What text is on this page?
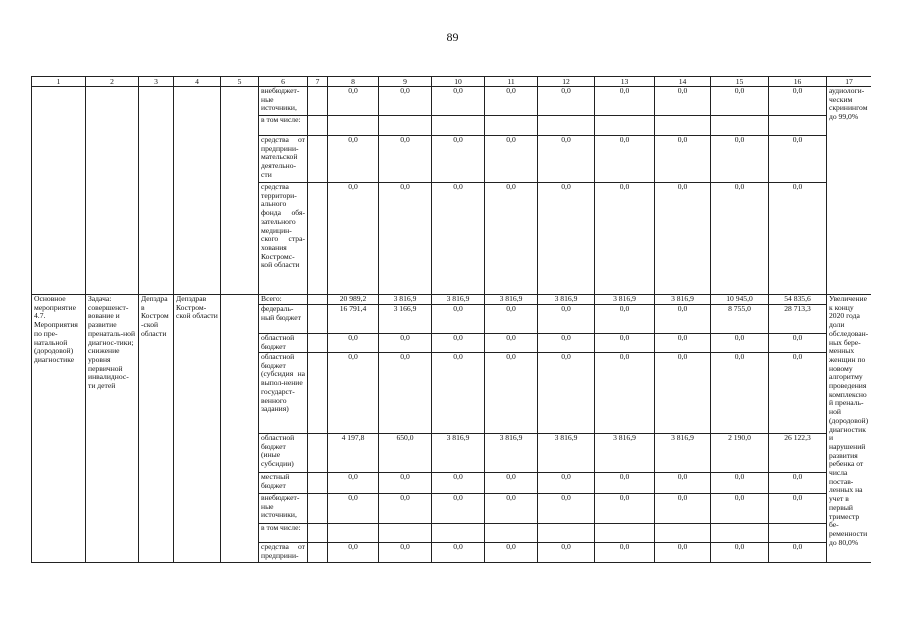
89
1	2	3	4	5	6	7	8	9	10	11	12	13	14	15	16	17
					внебюджет-ные источники,		0,0	0,0	0,0	0,0	0,0	0,0	0,0	0,0	0,0	аудиологи-ческим скринингом до 99,0%
					в том числе:											
					средства от предприни-мательской деятельно-сти		0,0	0,0	0,0	0,0	0,0	0,0	0,0	0,0	0,0	
					средства территори-ального фонда обя-зательного медицин-ского стра-хования Костромс-кой области		0,0	0,0	0,0	0,0	0,0	0,0	0,0	0,0	0,0	
Основное мероприятие 4.7. Мероприятия по пре-натальной (дородовой) диагностике	Задача: совершенст-вование и развитие пренаталь-ной диагнос-тики; снижение уровня первичной инвалиднос-ти детей	Депздрав Костром-ской области	Депздрав Костром-ской области		Всего:		20 989,2	3 816,9	3 816,9	3 816,9	3 816,9	3 816,9	3 816,9	10 945,0	54 835,6	Увеличение к концу 2020 года доли обследован-ных бере-менных женщин по новому алгоритму проведения комплексной преналь-ной (дородовой) диагностики нарушений развития ребенка от числа постав-ленных на учет в первый триместр бе-ременности до 80,0%
					федераль-ный бюджет		16 791,4	3 166,9	0,0	0,0	0,0	0,0	0,0	8 755,0	28 713,3	
					областной бюджет		0,0	0,0	0,0	0,0	0,0	0,0	0,0	0,0	0,0	
					областной бюджет (субсидия на выпол-нение государст-венного задания)		0,0	0,0	0,0	0,0	0,0	0,0	0,0	0,0	0,0	
					областной бюджет (иные субсидии)		4 197,8	650,0	3 816,9	3 816,9	3 816,9	3 816,9	3 816,9	2 190,0	26 122,3	
					местный бюджет		0,0	0,0	0,0	0,0	0,0	0,0	0,0	0,0	0,0	
					внебюджет-ные источники,		0,0	0,0	0,0	0,0	0,0	0,0	0,0	0,0	0,0	
					в том числе:											
					средства от предприни-		0,0	0,0	0,0	0,0	0,0	0,0	0,0	0,0	0,0	
